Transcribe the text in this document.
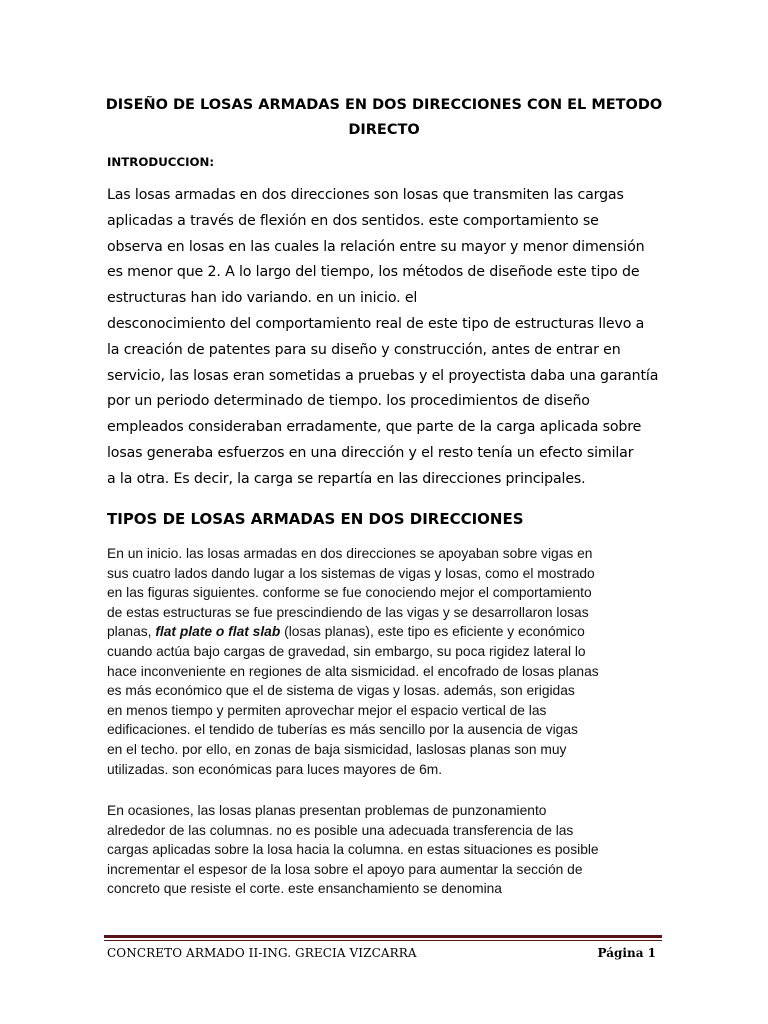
DISEÑO DE LOSAS ARMADAS EN DOS DIRECCIONES CON EL METODO
DIRECTO
INTRODUCCION:
Las losas armadas en dos direcciones son losas que transmiten las cargas
aplicadas a través de flexión en dos sentidos. este comportamiento se
observa en losas en las cuales la relación entre su mayor y menor dimensión
es menor que 2. A lo largo del tiempo, los métodos de diseñode este tipo de
estructuras han ido variando. en un inicio. el
desconocimiento del comportamiento real de este tipo de estructuras llevo a
la creación de patentes para su diseño y construcción, antes de entrar en
servicio, las losas eran sometidas a pruebas y el proyectista daba una garantía
por un periodo determinado de tiempo. los procedimientos de diseño
empleados consideraban erradamente, que parte de la carga aplicada sobre
losas generaba esfuerzos en una dirección y el resto tenía un efecto similar
a la otra. Es decir, la carga se repartía en las direcciones principales.
TIPOS DE LOSAS ARMADAS EN DOS DIRECCIONES
En un inicio. las losas armadas en dos direcciones se apoyaban sobre vigas en
sus cuatro lados dando lugar a los sistemas de vigas y losas, como el mostrado
en las figuras siguientes. conforme se fue conociendo mejor el comportamiento
de estas estructuras se fue prescindiendo de las vigas y se desarrollaron losas
planas, flat plate o flat slab (losas planas), este tipo es eficiente y económico
cuando actúa bajo cargas de gravedad, sin embargo, su poca rigidez lateral lo
hace inconveniente en regiones de alta sismicidad. el encofrado de losas planas
es más económico que el de sistema de vigas y losas. además, son erigidas
en menos tiempo y permiten aprovechar mejor el espacio vertical de las
edificaciones. el tendido de tuberías es más sencillo por la ausencia de vigas
en el techo. por ello, en zonas de baja sismicidad, laslosas planas son muy
utilizadas. son económicas para luces mayores de 6m.
En ocasiones, las losas planas presentan problemas de punzonamiento
alrededor de las columnas. no es posible una adecuada transferencia de las
cargas aplicadas sobre la losa hacia la columna. en estas situaciones es posible
incrementar el espesor de la losa sobre el apoyo para aumentar la sección de
concreto que resiste el corte. este ensanchamiento se denomina
CONCRETO ARMADO II-ING. GRECIA VIZCARRA	Página 1
